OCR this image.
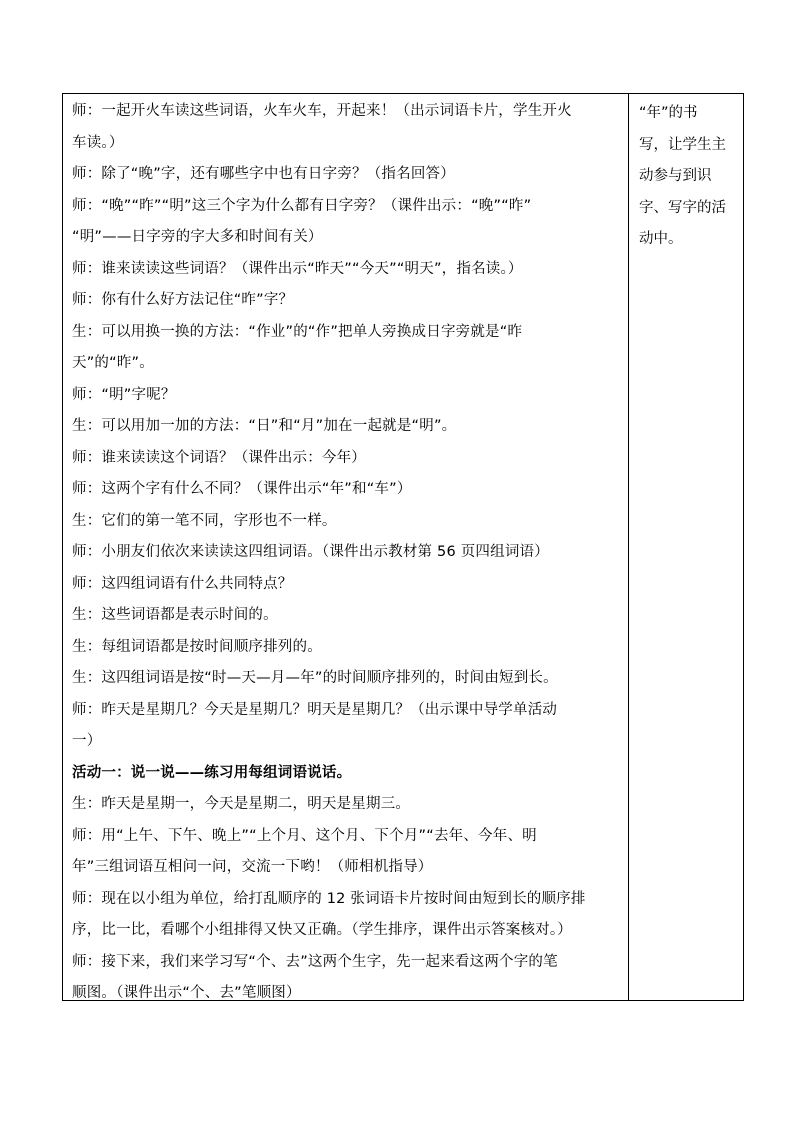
师：一起开火车读这些词语，火车火车，开起来！（出示词语卡片，学生开火
车读。）
师：除了“晚”字，还有哪些字中也有日字旁？（指名回答）
师：“晚”“昨”“明”这三个字为什么都有日字旁？（课件出示：“晚”“昨”
“明”——日字旁的字大多和时间有关）
师：谁来读读这些词语？（课件出示“昨天”“今天”“明天”，指名读。）
师：你有什么好方法记住“昨”字？
生：可以用换一换的方法：“作业”的“作”把单人旁换成日字旁就是“昨
天”的“昨”。
师：“明”字呢？
生：可以用加一加的方法：“日”和“月”加在一起就是“明”。
师：谁来读读这个词语？（课件出示：今年）
师：这两个字有什么不同？（课件出示“年”和“车”）
生：它们的第一笔不同，字形也不一样。
师：小朋友们依次来读读这四组词语。（课件出示教材第 56 页四组词语）
师：这四组词语有什么共同特点？
生：这些词语都是表示时间的。
生：每组词语都是按时间顺序排列的。
生：这四组词语是按“时—天—月—年”的时间顺序排列的，时间由短到长。
师：昨天是星期几？今天是星期几？明天是星期几？（出示课中导学单活动
一）
活动一：说一说——练习用每组词语说话。
生：昨天是星期一，今天是星期二，明天是星期三。
师：用“上午、下午、晚上”“上个月、这个月、下个月”“去年、今年、明
年”三组词语互相问一问，交流一下哟！（师相机指导）
师：现在以小组为单位，给打乱顺序的 12 张词语卡片按时间由短到长的顺序排
序，比一比，看哪个小组排得又快又正确。（学生排序，课件出示答案核对。）
师：接下来，我们来学习写“个、去”这两个生字，先一起来看这两个字的笔
顺图。（课件出示“个、去”笔顺图）
“年”的书
写，让学生主
动参与到识
字、写字的活
动中。
